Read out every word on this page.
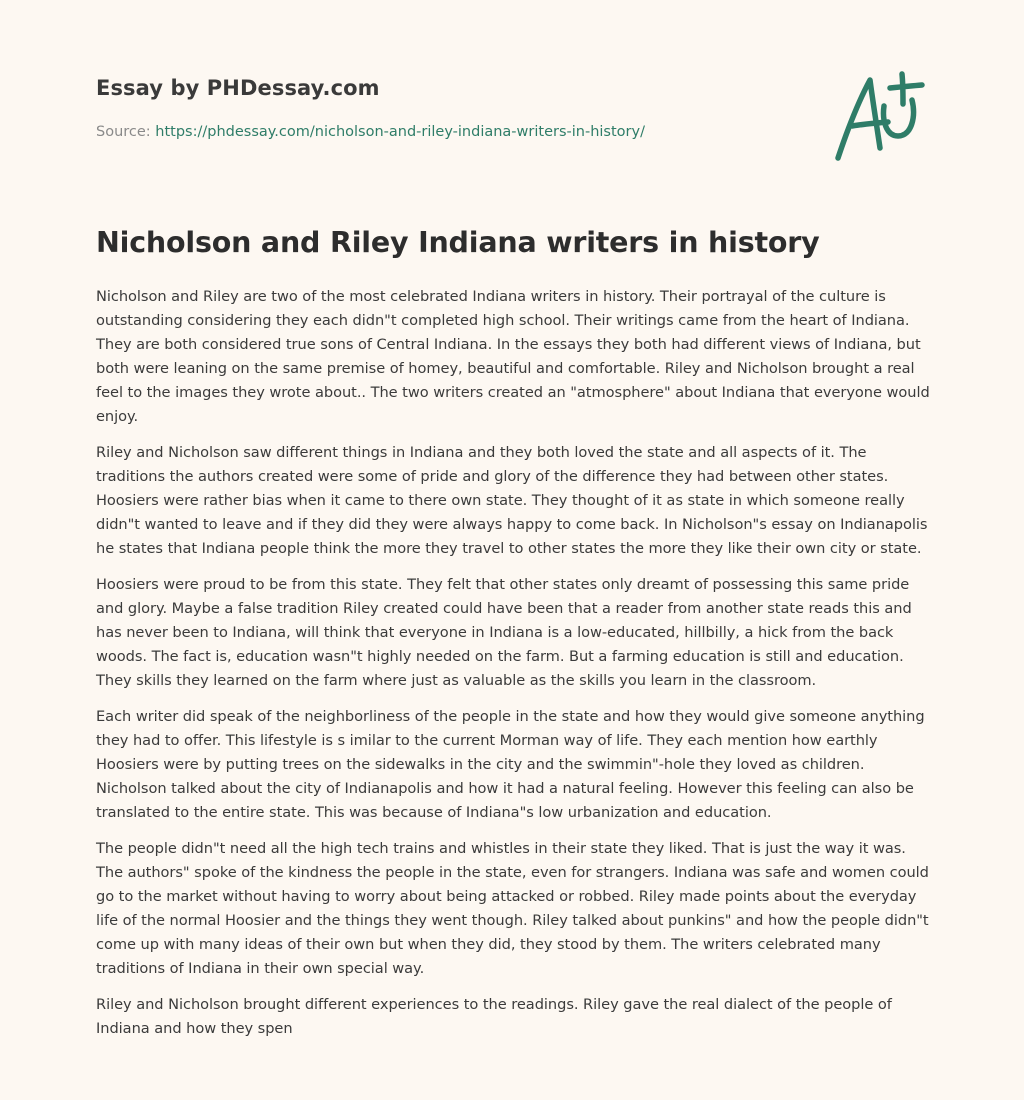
Essay by PHDessay.com
Source: https://phdessay.com/nicholson-and-riley-indiana-writers-in-history/
Nicholson and Riley Indiana writers in history

Nicholson and Riley are two of the most celebrated Indiana writers in history. Their portrayal of the culture is outstanding considering they each didn"t completed high school. Their writings came from the heart of Indiana. They are both considered true sons of Central Indiana. In the essays they both had different views of Indiana, but both were leaning on the same premise of homey, beautiful and comfortable. Riley and Nicholson brought a real feel to the images they wrote about.. The two writers created an "atmosphere" about Indiana that everyone would enjoy.

Riley and Nicholson saw different things in Indiana and they both loved the state and all aspects of it. The traditions the authors created were some of pride and glory of the difference they had between other states. Hoosiers were rather bias when it came to there own state. They thought of it as state in which someone really didn"t wanted to leave and if they did they were always happy to come back. In Nicholson"s essay on Indianapolis he states that Indiana people think the more they travel to other states the more they like their own city or state.

Hoosiers were proud to be from this state. They felt that other states only dreamt of possessing this same pride and glory. Maybe a false tradition Riley created could have been that a reader from another state reads this and has never been to Indiana, will think that everyone in Indiana is a low-educated, hillbilly, a hick from the back woods. The fact is, education wasn"t highly needed on the farm. But a farming education is still and education. They skills they learned on the farm where just as valuable as the skills you learn in the classroom.

Each writer did speak of the neighborliness of the people in the state and how they would give someone anything they had to offer. This lifestyle is s imilar to the current Morman way of life. They each mention how earthly Hoosiers were by putting trees on the sidewalks in the city and the swimmin"-hole they loved as children. Nicholson talked about the city of Indianapolis and how it had a natural feeling. However this feeling can also be translated to the entire state. This was because of Indiana"s low urbanization and education.

The people didn"t need all the high tech trains and whistles in their state they liked. That is just the way it was. The authors" spoke of the kindness the people in the state, even for strangers. Indiana was safe and women could go to the market without having to worry about being attacked or robbed. Riley made points about the everyday life of the normal Hoosier and the things they went though. Riley talked about punkins" and how the people didn"t come up with many ideas of their own but when they did, they stood by them. The writers celebrated many traditions of Indiana in their own special way.

Riley and Nicholson brought different experiences to the readings. Riley gave the real dialect of the people of Indiana and how they spen
